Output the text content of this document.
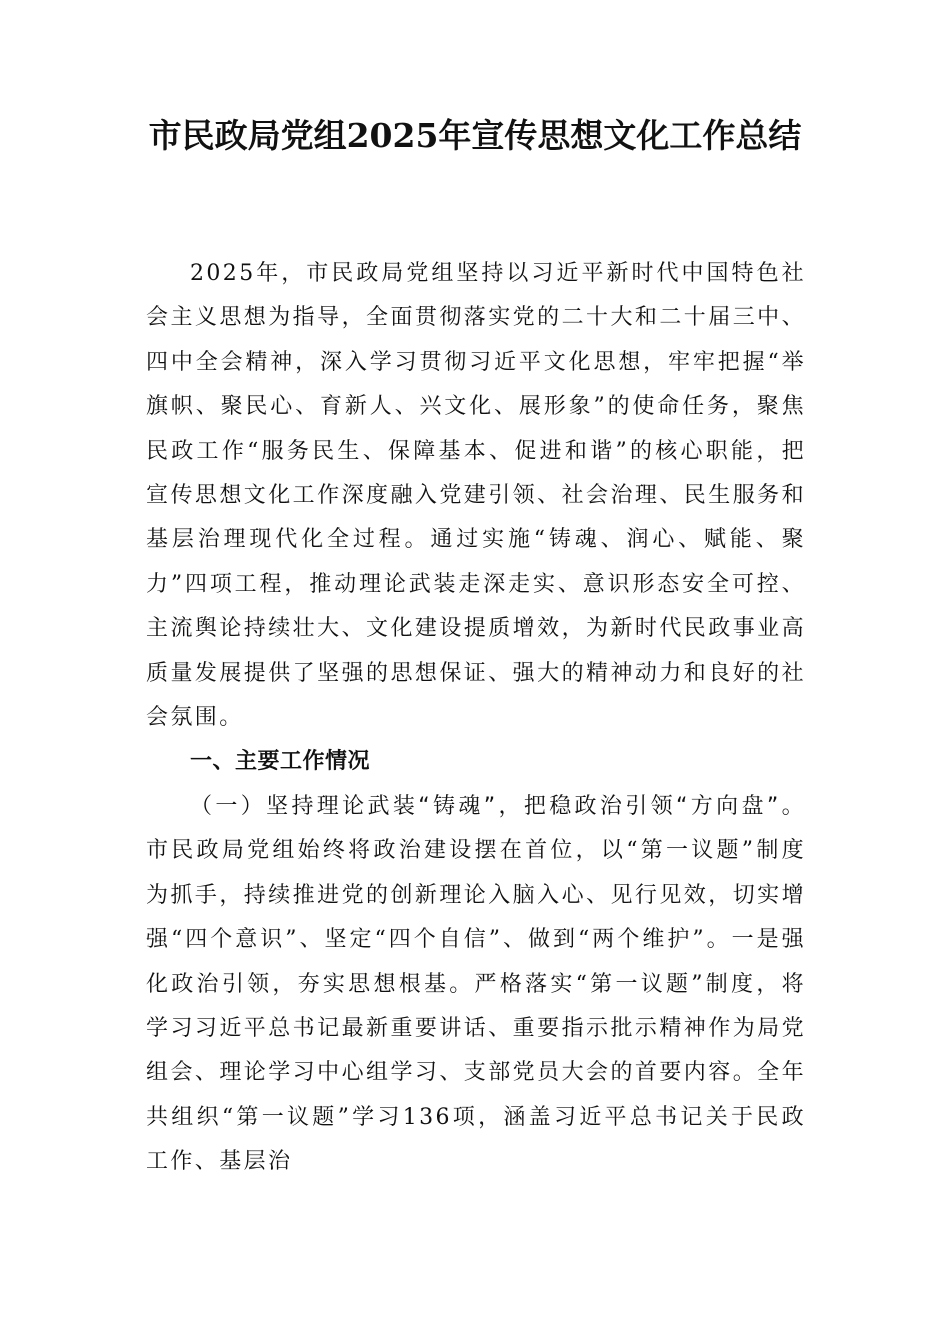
市民政局党组2025年宣传思想文化工作总结

2025年，市民政局党组坚持以习近平新时代中国特色社会主义思想为指导，全面贯彻落实党的二十大和二十届三中、四中全会精神，深入学习贯彻习近平文化思想，牢牢把握“举旗帜、聚民心、育新人、兴文化、展形象”的使命任务，聚焦民政工作“服务民生、保障基本、促进和谐”的核心职能，把宣传思想文化工作深度融入党建引领、社会治理、民生服务和基层治理现代化全过程。通过实施“铸魂、润心、赋能、聚力”四项工程，推动理论武装走深走实、意识形态安全可控、主流舆论持续壮大、文化建设提质增效，为新时代民政事业高质量发展提供了坚强的思想保证、强大的精神动力和良好的社会氛围。

一、主要工作情况

（一）坚持理论武装“铸魂”，把稳政治引领“方向盘”。市民政局党组始终将政治建设摆在首位，以“第一议题”制度为抓手，持续推进党的创新理论入脑入心、见行见效，切实增强“四个意识”、坚定“四个自信”、做到“两个维护”。一是强化政治引领，夯实思想根基。严格落实“第一议题”制度，将学习习近平总书记最新重要讲话、重要指示批示精神作为局党组会、理论学习中心组学习、支部党员大会的首要内容。全年共组织“第一议题”学习136项，涵盖习近平总书记关于民政工作、基层治
